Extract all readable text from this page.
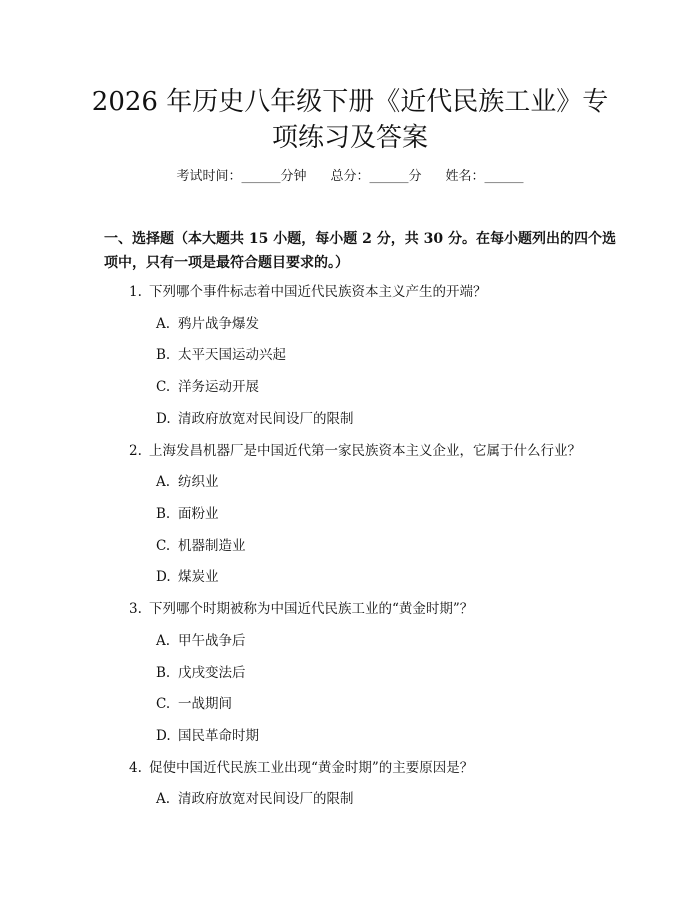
2026 年历史八年级下册《近代民族工业》专
项练习及答案
考试时间：______分钟 总分：______分 姓名：______

一、选择题（本大题共 15 小题，每小题 2 分，共 30 分。在每小题列出的四个选

项中，只有一项是最符合题目要求的。）

1. 下列哪个事件标志着中国近代民族资本主义产生的开端？
A. 鸦片战争爆发
B. 太平天国运动兴起
C. 洋务运动开展
D. 清政府放宽对民间设厂的限制
2. 上海发昌机器厂是中国近代第一家民族资本主义企业，它属于什么行业？
A. 纺织业
B. 面粉业
C. 机器制造业
D. 煤炭业
3. 下列哪个时期被称为中国近代民族工业的“黄金时期”？
A. 甲午战争后
B. 戊戌变法后
C. 一战期间
D. 国民革命时期
4. 促使中国近代民族工业出现“黄金时期”的主要原因是？
A. 清政府放宽对民间设厂的限制
